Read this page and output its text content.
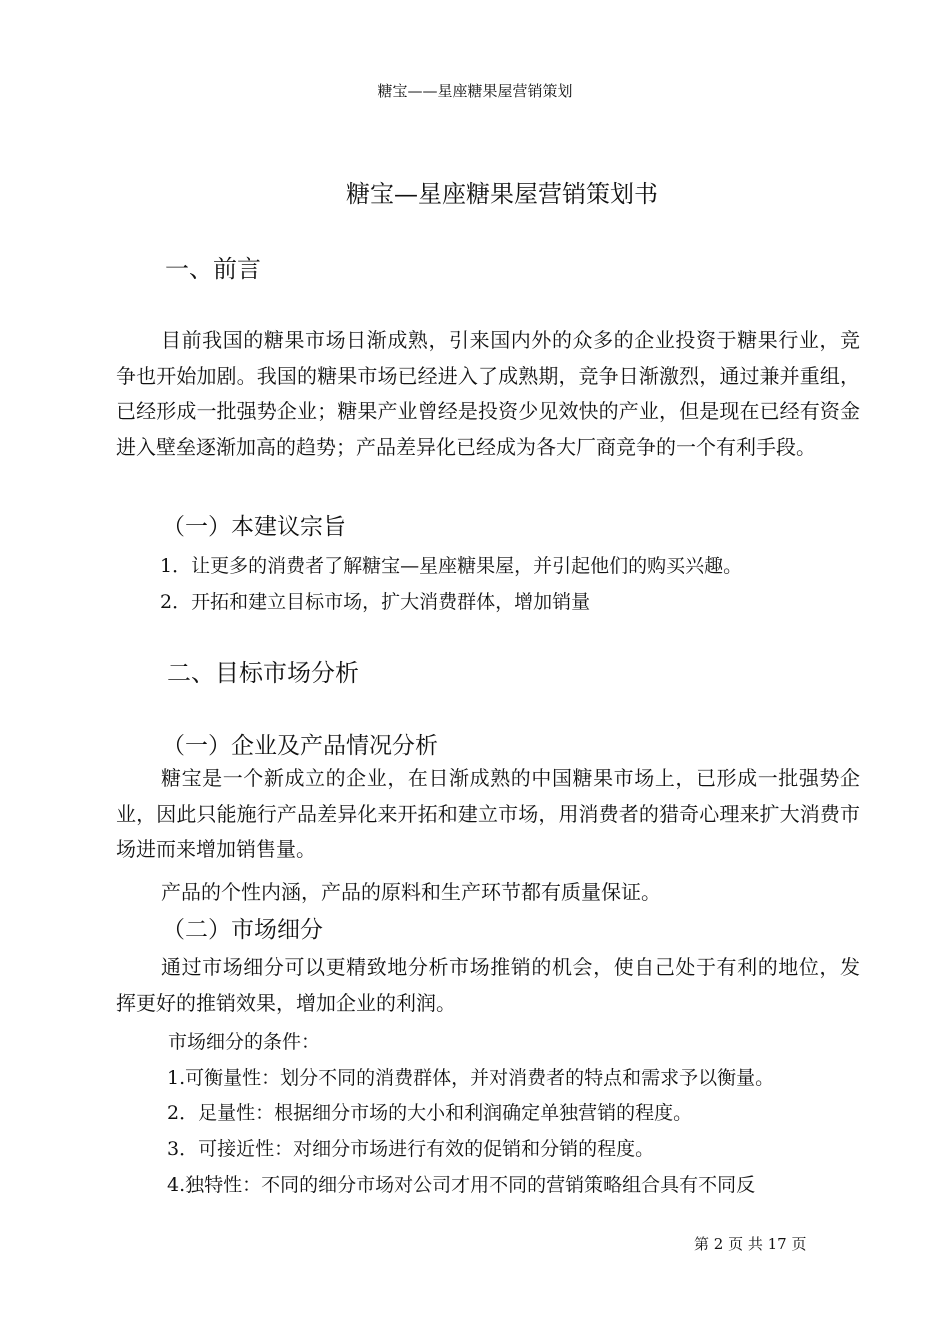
糖宝——星座糖果屋营销策划
糖宝—星座糖果屋营销策划书
一、前言
目前我国的糖果市场日渐成熟，引来国内外的众多的企业投资于糖果行业，竞争也开始加剧。我国的糖果市场已经进入了成熟期，竞争日渐激烈，通过兼并重组，已经形成一批强势企业；糖果产业曾经是投资少见效快的产业，但是现在已经有资金进入壁垒逐渐加高的趋势；产品差异化已经成为各大厂商竞争的一个有利手段。
（一）本建议宗旨
1．让更多的消费者了解糖宝—星座糖果屋，并引起他们的购买兴趣。
2．开拓和建立目标市场，扩大消费群体，增加销量
二、目标市场分析
（一）企业及产品情况分析
糖宝是一个新成立的企业，在日渐成熟的中国糖果市场上，已形成一批强势企业，因此只能施行产品差异化来开拓和建立市场，用消费者的猎奇心理来扩大消费市场进而来增加销售量。
产品的个性内涵，产品的原料和生产环节都有质量保证。
（二）市场细分
通过市场细分可以更精致地分析市场推销的机会，使自己处于有利的地位，发挥更好的推销效果，增加企业的利润。
市场细分的条件：
1.可衡量性：划分不同的消费群体，并对消费者的特点和需求予以衡量。
2．足量性：根据细分市场的大小和利润确定单独营销的程度。
3．可接近性：对细分市场进行有效的促销和分销的程度。
4.独特性：不同的细分市场对公司才用不同的营销策略组合具有不同反
第 2 页 共 17 页
